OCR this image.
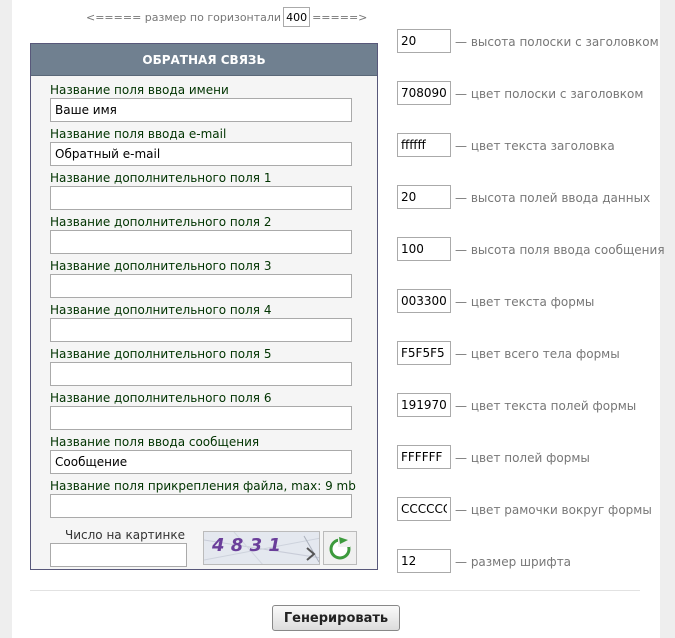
<===== размер по горизонтали
400	=====>
ОБРАТНАЯ СВЯЗЬ
Название поля ввода имени
Ваше имя
Название поля ввода e-mail
Обратный e-mail
Название дополнительного поля 1
Название дополнительного поля 2
Название дополнительного поля 3
Название дополнительного поля 4
Название дополнительного поля 5
Название дополнительного поля 6
Название поля ввода сообщения
Сообщение
Название поля прикрепления файла, max: 9 mb
Число на картинке 4 8 3 1
20
— высота полоски с заголовком
708090
— цвет полоски с заголовком
ffffff
— цвет текста заголовка
20
— высота полей ввода данных
100
— высота поля ввода сообщения
003300
— цвет текста формы
F5F5F5
— цвет всего тела формы
191970
— цвет текста полей формы
FFFFFF
— цвет полей формы
CCCCCC
— цвет рамочки вокруг формы
12
— размер шрифта
Генерировать
